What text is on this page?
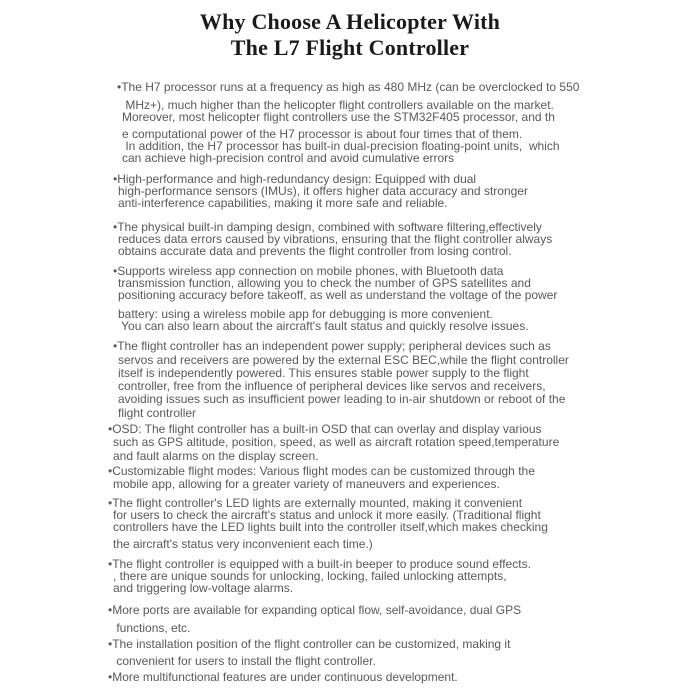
Why Choose A Helicopter With
The L7 Flight Controller
•The H7 processor runs at a frequency as high as 480 MHz (can be overclocked to 550
MHz+), much higher than the helicopter flight controllers available on the market.
Moreover, most helicopter flight controllers use the STM32F405 processor, and th
e computational power of the H7 processor is about four times that of them.
In addition, the H7 processor has built-in dual-precision floating-point units,  which
can achieve high-precision control and avoid cumulative errors
•High-performance and high-redundancy design: Equipped with dual
high-performance sensors (IMUs), it offers higher data accuracy and stronger
anti-interference capabilities, making it more safe and reliable.
•The physical built-in damping design, combined with software filtering,effectively
reduces data errors caused by vibrations, ensuring that the flight controller always
obtains accurate data and prevents the flight controller from losing control.
•Supports wireless app connection on mobile phones, with Bluetooth data
transmission function, allowing you to check the number of GPS satellites and
positioning accuracy before takeoff, as well as understand the voltage of the power
battery: using a wireless mobile app for debugging is more convenient.
You can also learn about the aircraft's fault status and quickly resolve issues.
•The flight controller has an independent power supply; peripheral devices such as
servos and receivers are powered by the external ESC BEC,while the flight controller
itself is independently powered. This ensures stable power supply to the flight
controller, free from the influence of peripheral devices like servos and receivers,
avoiding issues such as insufficient power leading to in-air shutdown or reboot of the
flight controller
•OSD: The flight controller has a built-in OSD that can overlay and display various
such as GPS altitude, position, speed, as well as aircraft rotation speed,temperature
and fault alarms on the display screen.
•Customizable flight modes: Various flight modes can be customized through the
mobile app, allowing for a greater variety of maneuvers and experiences.
•The flight controller's LED lights are externally mounted, making it convenient
for users to check the aircraft's status and unlock it more easily. (Traditional flight
controllers have the LED lights built into the controller itself,which makes checking
the aircraft's status very inconvenient each time.)
•The flight controller is equipped with a built-in beeper to produce sound effects.
, there are unique sounds for unlocking, locking, failed unlocking attempts,
and triggering low-voltage alarms.
•More ports are available for expanding optical flow, self-avoidance, dual GPS
functions, etc.
•The installation position of the flight controller can be customized, making it
convenient for users to install the flight controller.
•More multifunctional features are under continuous development.
